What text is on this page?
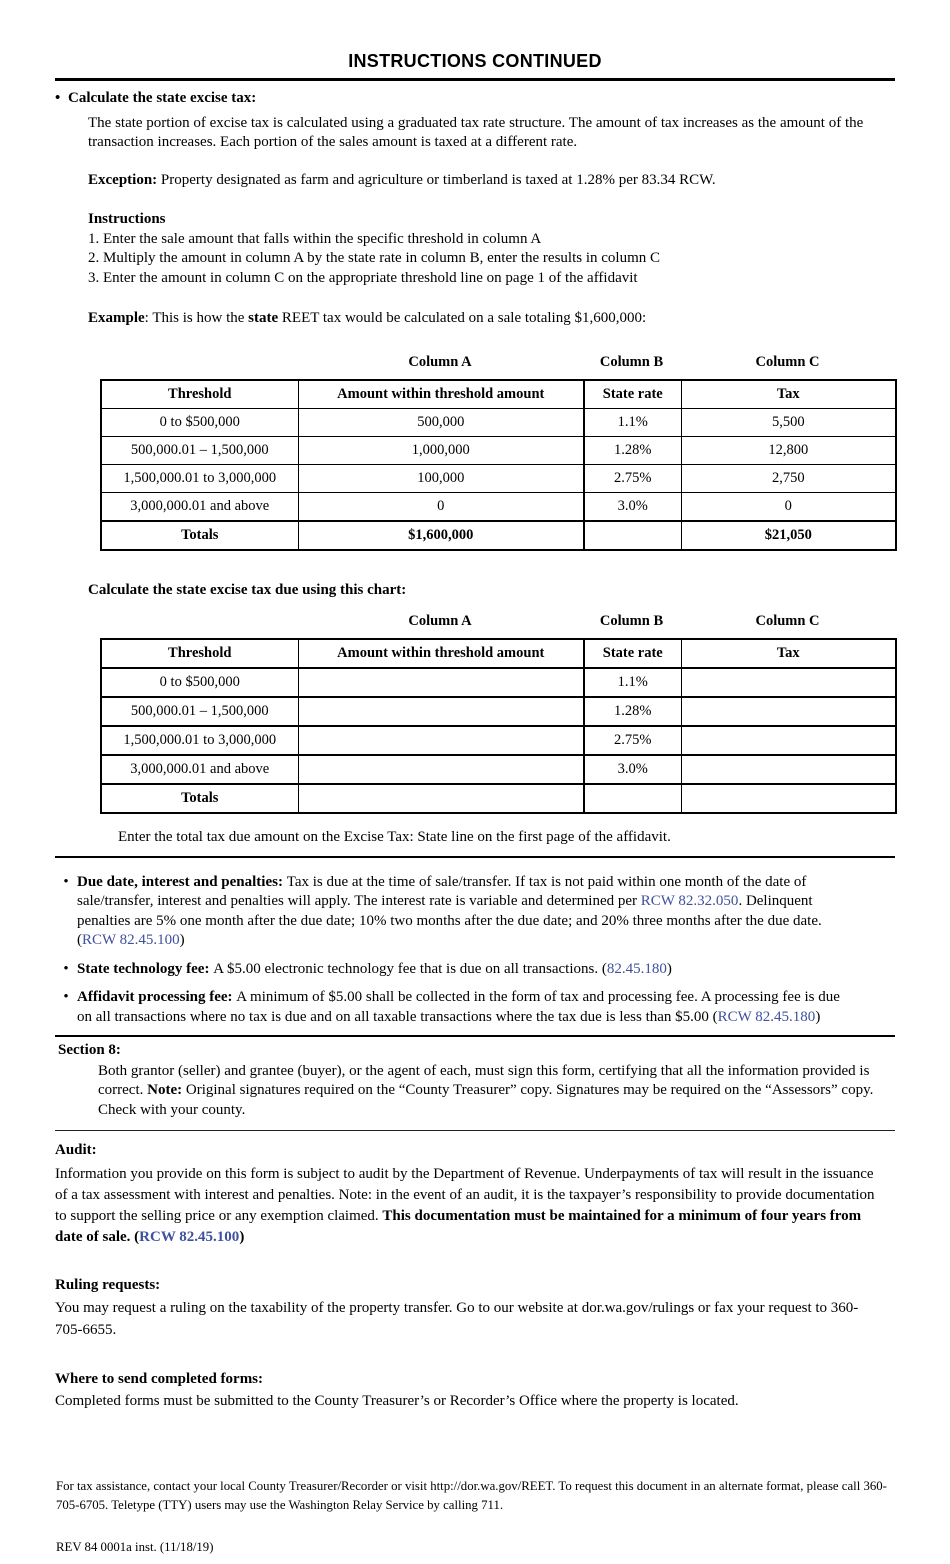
INSTRUCTIONS CONTINUED
• Calculate the state excise tax:

The state portion of excise tax is calculated using a graduated tax rate structure. The amount of tax increases as the amount of the transaction increases. Each portion of the sales amount is taxed at a different rate.

Exception: Property designated as farm and agriculture or timberland is taxed at 1.28% per 83.34 RCW.

Instructions
1. Enter the sale amount that falls within the specific threshold in column A
2. Multiply the amount in column A by the state rate in column B, enter the results in column C
3. Enter the amount in column C on the appropriate threshold line on page 1 of the affidavit
Example: This is how the state REET tax would be calculated on a sale totaling $1,600,000:
Column A	Column B	Column C
Threshold	Amount within threshold amount	State rate	Tax
0 to $500,000	500,000	1.1%	5,500
500,000.01 – 1,500,000	1,000,000	1.28%	12,800
1,500,000.01 to 3,000,000	100,000	2.75%	2,750
3,000,000.01 and above	0	3.0%	0
Totals	$1,600,000		$21,050
Calculate the state excise tax due using this chart:
Column A	Column B	Column C
Threshold	Amount within threshold amount	State rate	Tax
0 to $500,000		1.1%	
500,000.01 – 1,500,000		1.28%	
1,500,000.01 to 3,000,000		2.75%	
3,000,000.01 and above		3.0%	
Totals			
Enter the total tax due amount on the Excise Tax: State line on the first page of the affidavit.
• Due date, interest and penalties: Tax is due at the time of sale/transfer. If tax is not paid within one month of the date of sale/transfer, interest and penalties will apply. The interest rate is variable and determined per RCW 82.32.050. Delinquent penalties are 5% one month after the due date; 10% two months after the due date; and 20% three months after the due date. (RCW 82.45.100)
• State technology fee: A $5.00 electronic technology fee that is due on all transactions. (82.45.180)
• Affidavit processing fee: A minimum of $5.00 shall be collected in the form of tax and processing fee. A processing fee is due on all transactions where no tax is due and on all taxable transactions where the tax due is less than $5.00 (RCW 82.45.180)
Section 8:
Both grantor (seller) and grantee (buyer), or the agent of each, must sign this form, certifying that all the information provided is correct. Note: Original signatures required on the “County Treasurer” copy. Signatures may be required on the “Assessors” copy. Check with your county.
Audit:
Information you provide on this form is subject to audit by the Department of Revenue. Underpayments of tax will result in the issuance of a tax assessment with interest and penalties. Note: in the event of an audit, it is the taxpayer’s responsibility to provide documentation to support the selling price or any exemption claimed. This documentation must be maintained for a minimum of four years from date of sale. (RCW 82.45.100)
Ruling requests:
You may request a ruling on the taxability of the property transfer. Go to our website at dor.wa.gov/rulings or fax your request to 360-705-6655.
Where to send completed forms:
Completed forms must be submitted to the County Treasurer’s or Recorder’s Office where the property is located.
For tax assistance, contact your local County Treasurer/Recorder or visit http://dor.wa.gov/REET. To request this document in an alternate format, please call 360-705-6705. Teletype (TTY) users may use the Washington Relay Service by calling 711.
REV 84 0001a inst. (11/18/19)
